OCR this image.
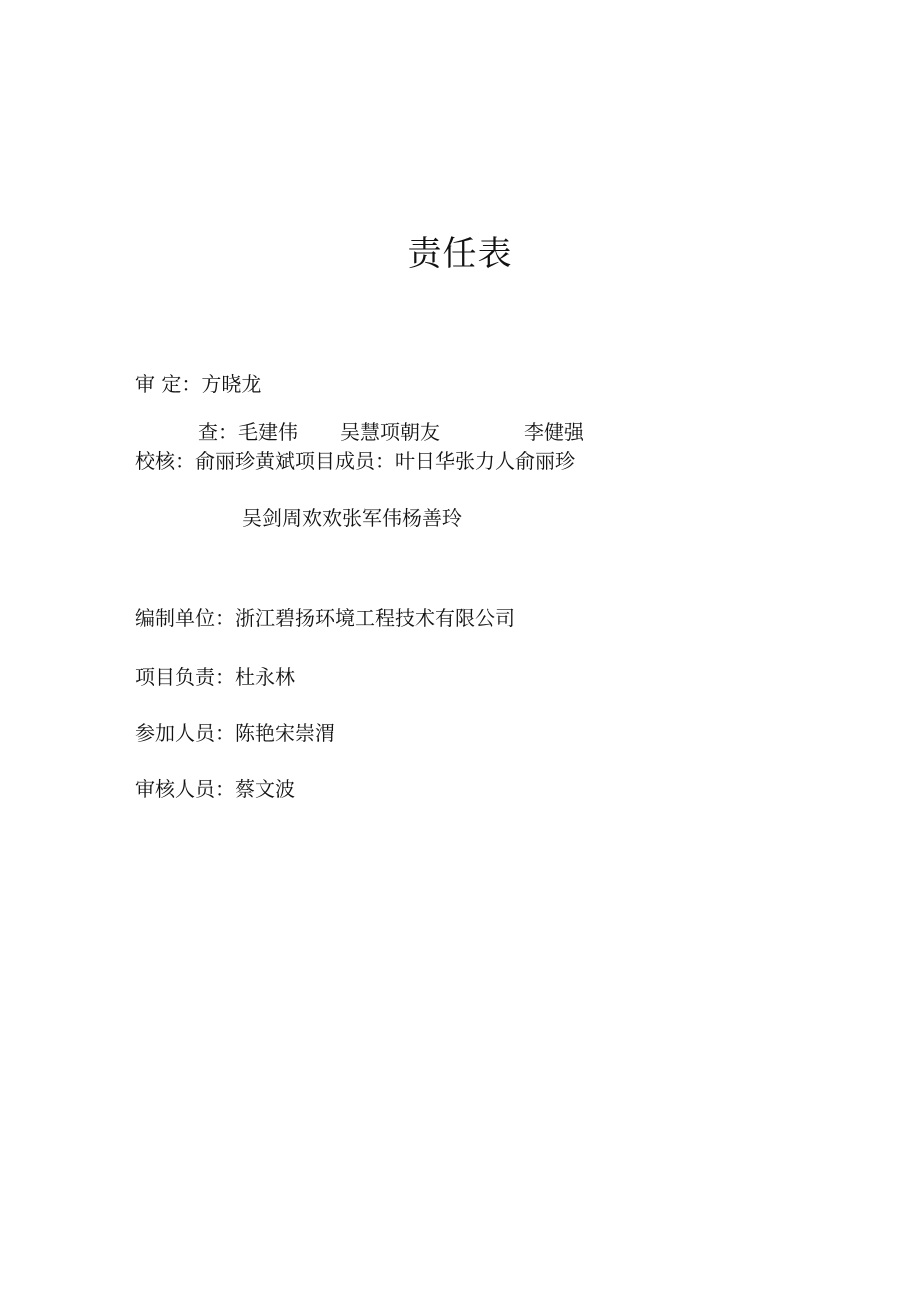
责任表
审 定：方晓龙
查：毛建伟 吴慧项朝友	李健强
校核：俞丽珍黄斌项目成员：叶日华张力人俞丽珍
吴剑周欢欢张军伟杨善玲
编制单位：浙江碧扬环境工程技术有限公司
项目负责：杜永林
参加人员：陈艳宋崇渭
审核人员：蔡文波
